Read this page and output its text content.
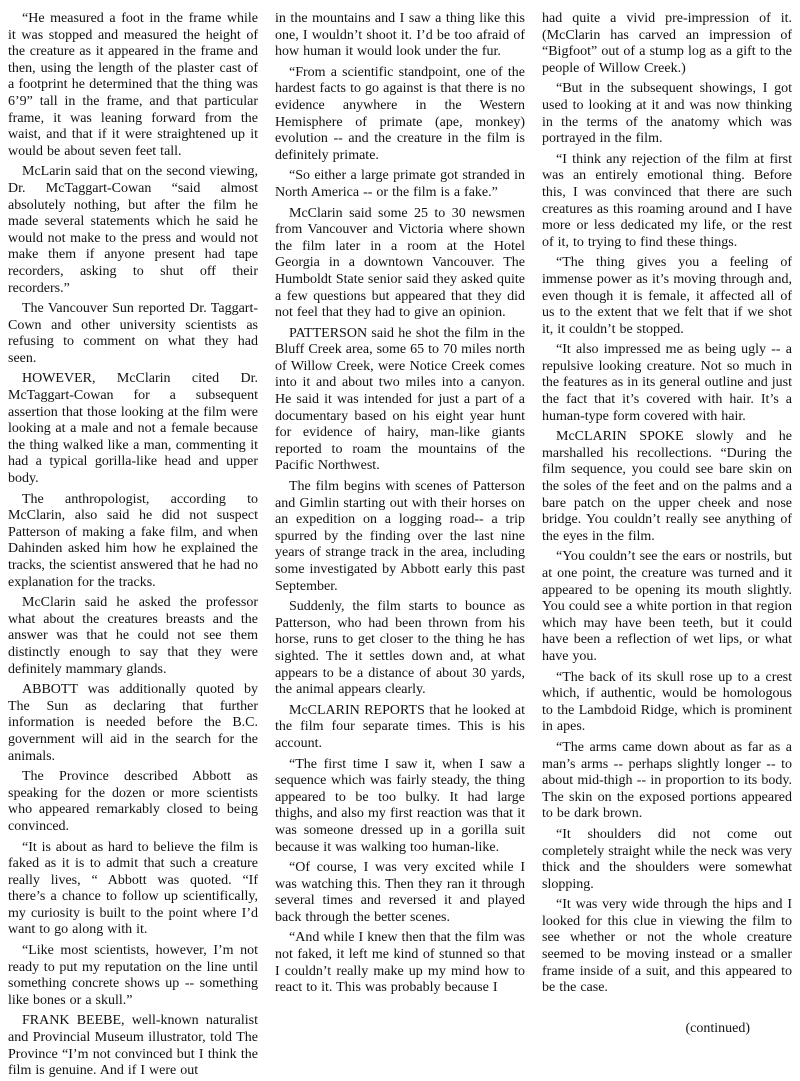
“He measured a foot in the frame while it was stopped and measured the height of the creature as it appeared in the frame and then, using the length of the plaster cast of a footprint he determined that the thing was 6’9” tall in the frame, and that particular frame, it was leaning forward from the waist, and that if it were straightened up it would be about seven feet tall.

McLarin said that on the second viewing, Dr. McTaggart-Cowan “said almost absolutely nothing, but after the film he made several statements which he said he would not make to the press and would not make them if anyone present had tape recorders, asking to shut off their recorders.”

The Vancouver Sun reported Dr. Taggart-Cown and other university scientists as refusing to comment on what they had seen.

HOWEVER, McClarin cited Dr. McTaggart-Cowan for a subsequent assertion that those looking at the film were looking at a male and not a female because the thing walked like a man, commenting it had a typical gorilla-like head and upper body.

The anthropologist, according to McClarin, also said he did not suspect Patterson of making a fake film, and when Dahinden asked him how he explained the tracks, the scientist answered that he had no explanation for the tracks.

McClarin said he asked the professor what about the creatures breasts and the answer was that he could not see them distinctly enough to say that they were definitely mammary glands.

ABBOTT was additionally quoted by The Sun as declaring that further information is needed before the B.C. government will aid in the search for the animals.

The Province described Abbott as speaking for the dozen or more scientists who appeared remarkably closed to being convinced.

“It is about as hard to believe the film is faked as it is to admit that such a creature really lives, “ Abbott was quoted. “If there’s a chance to follow up scientifically, my curiosity is built to the point where I’d want to go along with it.

“Like most scientists, however, I’m not ready to put my reputation on the line until something concrete shows up -- something like bones or a skull.”

FRANK BEEBE, well-known naturalist and Provincial Museum illustrator, told The Province “I’m not convinced but I think the film is genuine. And if I were out

in the mountains and I saw a thing like this one, I wouldn’t shoot it. I’d be too afraid of how human it would look under the fur.

“From a scientific standpoint, one of the hardest facts to go against is that there is no evidence anywhere in the Western Hemisphere of primate (ape, monkey) evolution -- and the creature in the film is definitely primate.

“So either a large primate got stranded in North America -- or the film is a fake.”

McClarin said some 25 to 30 newsmen from Vancouver and Victoria where shown the film later in a room at the Hotel Georgia in a downtown Vancouver. The Humboldt State senior said they asked quite a few questions but appeared that they did not feel that they had to give an opinion.

PATTERSON said he shot the film in the Bluff Creek area, some 65 to 70 miles north of Willow Creek, were Notice Creek comes into it and about two miles into a canyon. He said it was intended for just a part of a documentary based on his eight year hunt for evidence of hairy, man-like giants reported to roam the mountains of the Pacific Northwest.

The film begins with scenes of Patterson and Gimlin starting out with their horses on an expedition on a logging road-- a trip spurred by the finding over the last nine years of strange track in the area, including some investigated by Abbott early this past September.

Suddenly, the film starts to bounce as Patterson, who had been thrown from his horse, runs to get closer to the thing he has sighted. The it settles down and, at what appears to be a distance of about 30 yards, the animal appears clearly.

McCLARIN REPORTS that he looked at the film four separate times. This is his account.

“The first time I saw it, when I saw a sequence which was fairly steady, the thing appeared to be too bulky. It had large thighs, and also my first reaction was that it was someone dressed up in a gorilla suit because it was walking too human-like.

“Of course, I was very excited while I was watching this. Then they ran it through several times and reversed it and played back through the better scenes.

“And while I knew then that the film was not faked, it left me kind of stunned so that I couldn’t really make up my mind how to react to it. This was probably because I

had quite a vivid pre-impression of it. (McClarin has carved an impression of “Bigfoot” out of a stump log as a gift to the people of Willow Creek.)

“But in the subsequent showings, I got used to looking at it and was now thinking in the terms of the anatomy which was portrayed in the film.

“I think any rejection of the film at first was an entirely emotional thing. Before this, I was convinced that there are such creatures as this roaming around and I have more or less dedicated my life, or the rest of it, to trying to find these things.

“The thing gives you a feeling of immense power as it’s moving through and, even though it is female, it affected all of us to the extent that we felt that if we shot it, it couldn’t be stopped.

“It also impressed me as being ugly -- a repulsive looking creature. Not so much in the features as in its general outline and just the fact that it’s covered with hair. It’s a human-type form covered with hair.

McCLARIN SPOKE slowly and he marshalled his recollections. “During the film sequence, you could see bare skin on the soles of the feet and on the palms and a bare patch on the upper cheek and nose bridge. You couldn’t really see anything of the eyes in the film.

“You couldn’t see the ears or nostrils, but at one point, the creature was turned and it appeared to be opening its mouth slightly. You could see a white portion in that region which may have been teeth, but it could have been a reflection of wet lips, or what have you.

“The back of its skull rose up to a crest which, if authentic, would be homologous to the Lambdoid Ridge, which is prominent in apes.

“The arms came down about as far as a man’s arms -- perhaps slightly longer -- to about mid-thigh -- in proportion to its body. The skin on the exposed portions appeared to be dark brown.

“It shoulders did not come out completely straight while the neck was very thick and the shoulders were somewhat slopping.

“It was very wide through the hips and I looked for this clue in viewing the film to see whether or not the whole creature seemed to be moving instead or a smaller frame inside of a suit, and this appeared to be the case.

(continued)
